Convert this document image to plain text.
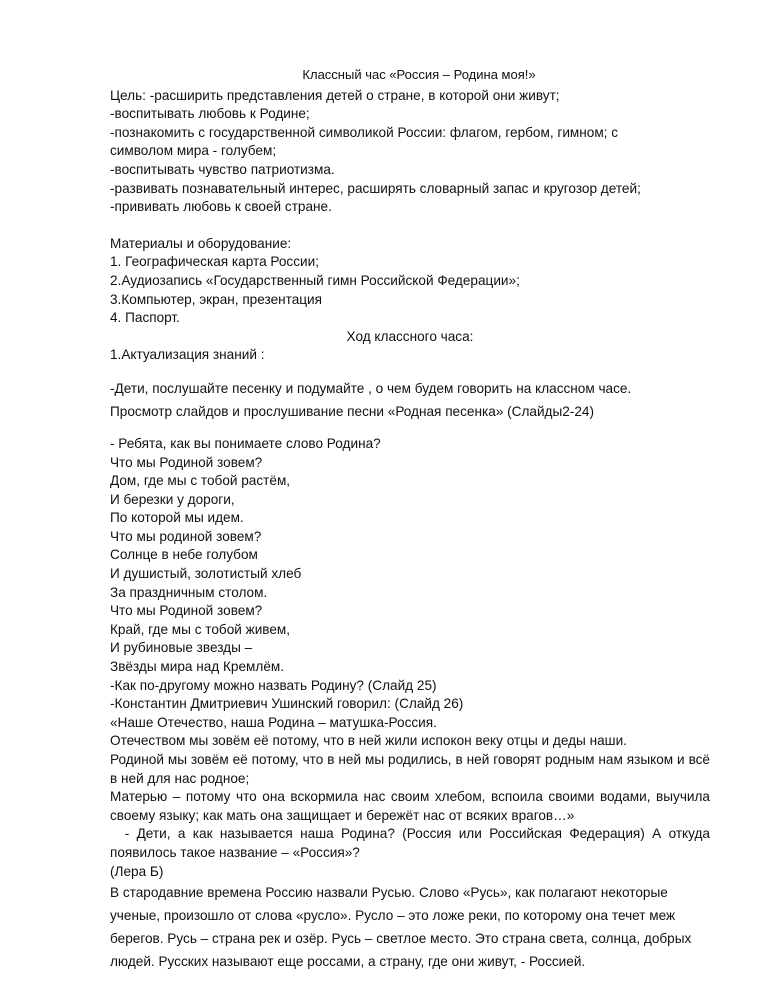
Классный час «Россия – Родина моя!»
Цель: -расширить представления детей о стране, в которой они живут;
-воспитывать любовь к Родине;
-познакомить с государственной символикой России: флагом, гербом, гимном; с
символом мира - голубем;
-воспитывать чувство патриотизма.
-развивать познавательный интерес, расширять словарный запас и кругозор детей;
-прививать любовь к своей стране.
Материалы и оборудование:
1. Географическая карта России;
2.Аудиозапись «Государственный гимн Российской Федерации»;
3.Компьютер, экран, презентация
4. Паспорт.
Ход классного часа:
1.Актуализация знаний :
-Дети, послушайте песенку и подумайте , о чем будем говорить на классном часе.
Просмотр слайдов и прослушивание песни «Родная песенка» (Слайды2-24)
- Ребята, как вы понимаете слово Родина?
Что мы Родиной зовем?
Дом, где мы с тобой растём,
И березки у дороги,
По которой мы идем.
Что мы родиной зовем?
Солнце в небе голубом
И душистый, золотистый хлеб
За праздничным столом.
Что мы Родиной зовем?
Край, где мы с тобой живем,
И рубиновые звезды –
Звёзды мира над Кремлём.
-Как по-другому можно назвать Родину? (Слайд 25)
-Константин Дмитриевич Ушинский говорил: (Слайд 26)
«Наше Отечество, наша Родина – матушка-Россия.
Отечеством мы зовём её потому, что в ней жили испокон веку отцы и деды наши.
Родиной мы зовём её потому, что в ней мы родились, в ней говорят родным нам языком и всё в ней для нас родное;
Матерью – потому что она вскормила нас своим хлебом, вспоила своими водами, выучила своему языку; как мать она защищает и бережёт нас от всяких врагов…»
- Дети, а как называется наша Родина? (Россия или Российская Федерация) А откуда появилось такое название – «Россия»?
(Лера Б)
В стародавние времена Россию назвали Русью. Слово «Русь», как полагают некоторые ученые, произошло от слова «русло». Русло – это ложе реки, по которому она течет меж берегов. Русь – страна рек и озёр. Русь – светлое место. Это страна света, солнца, добрых людей. Русских называют еще россами, а страну, где они живут, - Россией.
